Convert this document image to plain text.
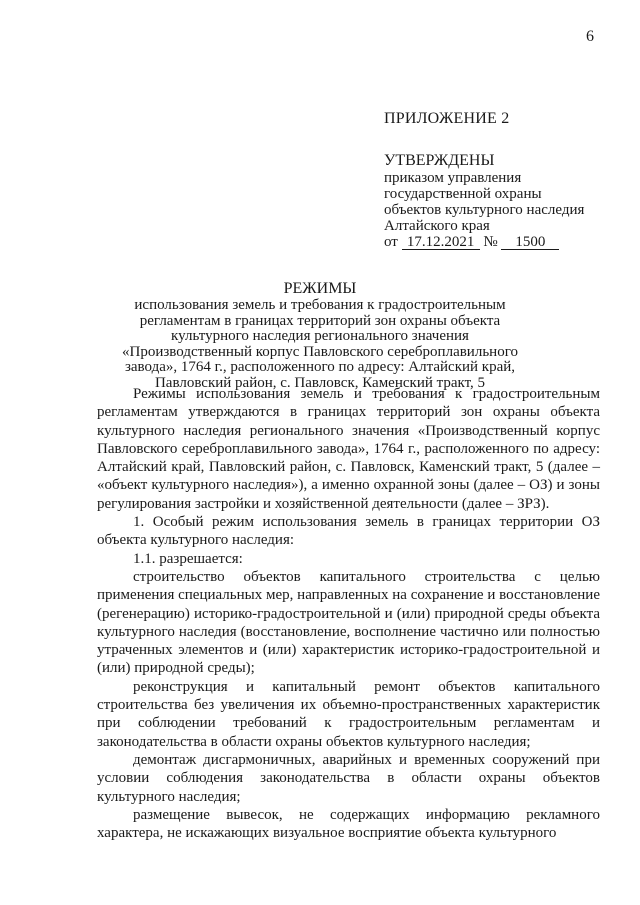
6
ПРИЛОЖЕНИЕ 2
УТВЕРЖДЕНЫ
приказом управления
государственной охраны
объектов культурного наследия
Алтайского края
от 17.12.2021 № 1500
РЕЖИМЫ
использования земель и требования к градостроительным
регламентам в границах территорий зон охраны объекта
культурного наследия регионального значения
«Производственный корпус Павловского сереброплавильного
завода», 1764 г., расположенного по адресу: Алтайский край,
Павловский район, с. Павловск, Каменский тракт, 5

Режимы использования земель и требования к градостроительным регламентам утверждаются в границах территорий зон охраны объекта культурного наследия регионального значения «Производственный корпус Павловского сереброплавильного завода», 1764 г., расположенного по адресу: Алтайский край, Павловский район, с. Павловск, Каменский тракт, 5 (далее – «объект культурного наследия»), а именно охранной зоны (далее – ОЗ) и зоны регулирования застройки и хозяйственной деятельности (далее – ЗРЗ).

1. Особый режим использования земель в границах территории ОЗ объекта культурного наследия:

1.1. разрешается:

строительство объектов капитального строительства с целью применения специальных мер, направленных на сохранение и восстановление (регенерацию) историко-градостроительной и (или) природной среды объекта культурного наследия (восстановление, восполнение частично или полностью утраченных элементов и (или) характеристик историко-градостроительной и (или) природной среды);

реконструкция и капитальный ремонт объектов капитального строительства без увеличения их объемно-пространственных характеристик при соблюдении требований к градостроительным регламентам и законодательства в области охраны объектов культурного наследия;

демонтаж дисгармоничных, аварийных и временных сооружений при условии соблюдения законодательства в области охраны объектов культурного наследия;

размещение вывесок, не содержащих информацию рекламного характера, не искажающих визуальное восприятие объекта культурного
